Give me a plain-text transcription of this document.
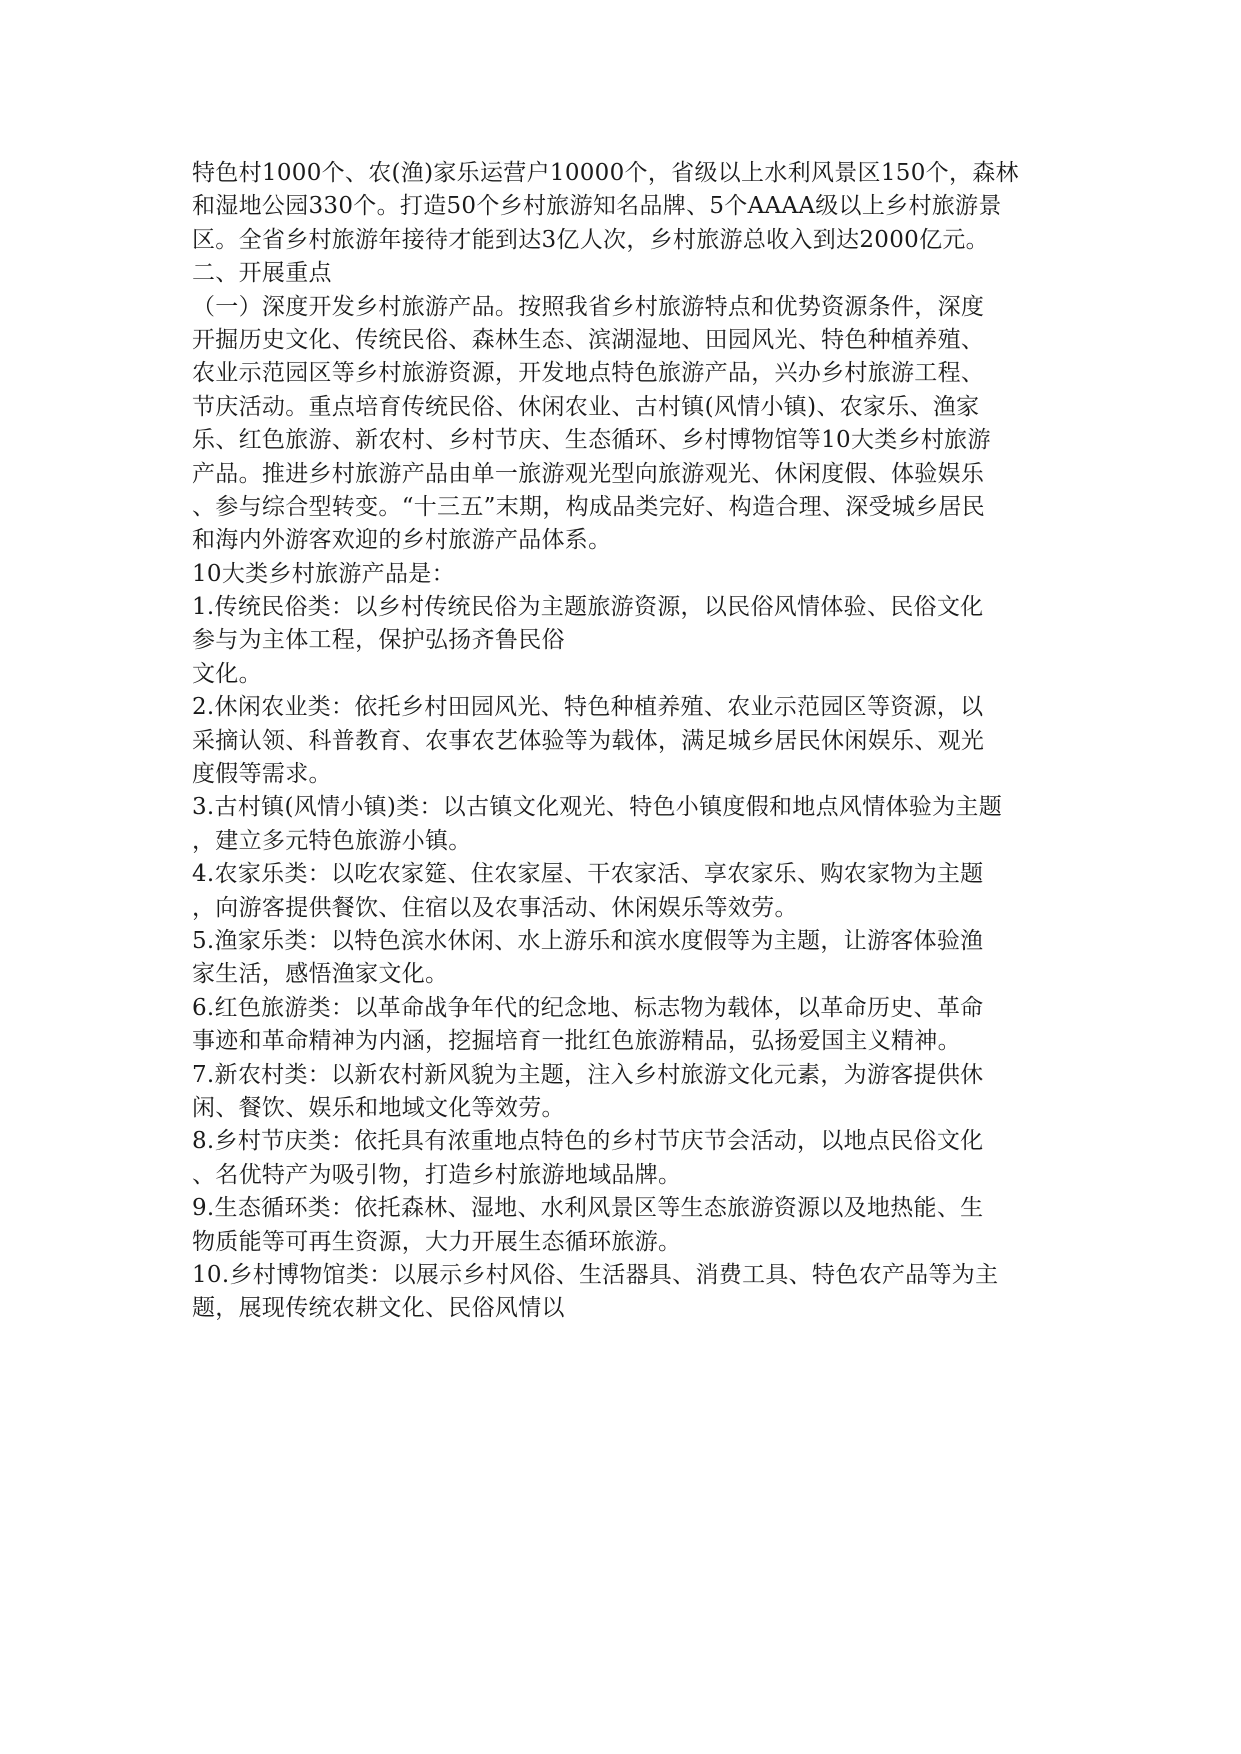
特色村1000个、农(渔)家乐运营户10000个，省级以上水利风景区150个，森林
和湿地公园330个。打造50个乡村旅游知名品牌、5个AAAA级以上乡村旅游景
区。全省乡村旅游年接待才能到达3亿人次，乡村旅游总收入到达2000亿元。
二、开展重点
（一）深度开发乡村旅游产品。按照我省乡村旅游特点和优势资源条件，深度
开掘历史文化、传统民俗、森林生态、滨湖湿地、田园风光、特色种植养殖、
农业示范园区等乡村旅游资源，开发地点特色旅游产品，兴办乡村旅游工程、
节庆活动。重点培育传统民俗、休闲农业、古村镇(风情小镇)、农家乐、渔家
乐、红色旅游、新农村、乡村节庆、生态循环、乡村博物馆等10大类乡村旅游
产品。推进乡村旅游产品由单一旅游观光型向旅游观光、休闲度假、体验娱乐
、参与综合型转变。“十三五”末期，构成品类完好、构造合理、深受城乡居民
和海内外游客欢迎的乡村旅游产品体系。
10大类乡村旅游产品是：
1.传统民俗类：以乡村传统民俗为主题旅游资源，以民俗风情体验、民俗文化
参与为主体工程，保护弘扬齐鲁民俗
文化。
2.休闲农业类：依托乡村田园风光、特色种植养殖、农业示范园区等资源，以
采摘认领、科普教育、农事农艺体验等为载体，满足城乡居民休闲娱乐、观光
度假等需求。
3.古村镇(风情小镇)类：以古镇文化观光、特色小镇度假和地点风情体验为主题
，建立多元特色旅游小镇。
4.农家乐类：以吃农家筵、住农家屋、干农家活、享农家乐、购农家物为主题
，向游客提供餐饮、住宿以及农事活动、休闲娱乐等效劳。
5.渔家乐类：以特色滨水休闲、水上游乐和滨水度假等为主题，让游客体验渔
家生活，感悟渔家文化。
6.红色旅游类：以革命战争年代的纪念地、标志物为载体，以革命历史、革命
事迹和革命精神为内涵，挖掘培育一批红色旅游精品，弘扬爱国主义精神。
7.新农村类：以新农村新风貌为主题，注入乡村旅游文化元素，为游客提供休
闲、餐饮、娱乐和地域文化等效劳。
8.乡村节庆类：依托具有浓重地点特色的乡村节庆节会活动，以地点民俗文化
、名优特产为吸引物，打造乡村旅游地域品牌。
9.生态循环类：依托森林、湿地、水利风景区等生态旅游资源以及地热能、生
物质能等可再生资源，大力开展生态循环旅游。
10.乡村博物馆类：以展示乡村风俗、生活器具、消费工具、特色农产品等为主
题，展现传统农耕文化、民俗风情以
